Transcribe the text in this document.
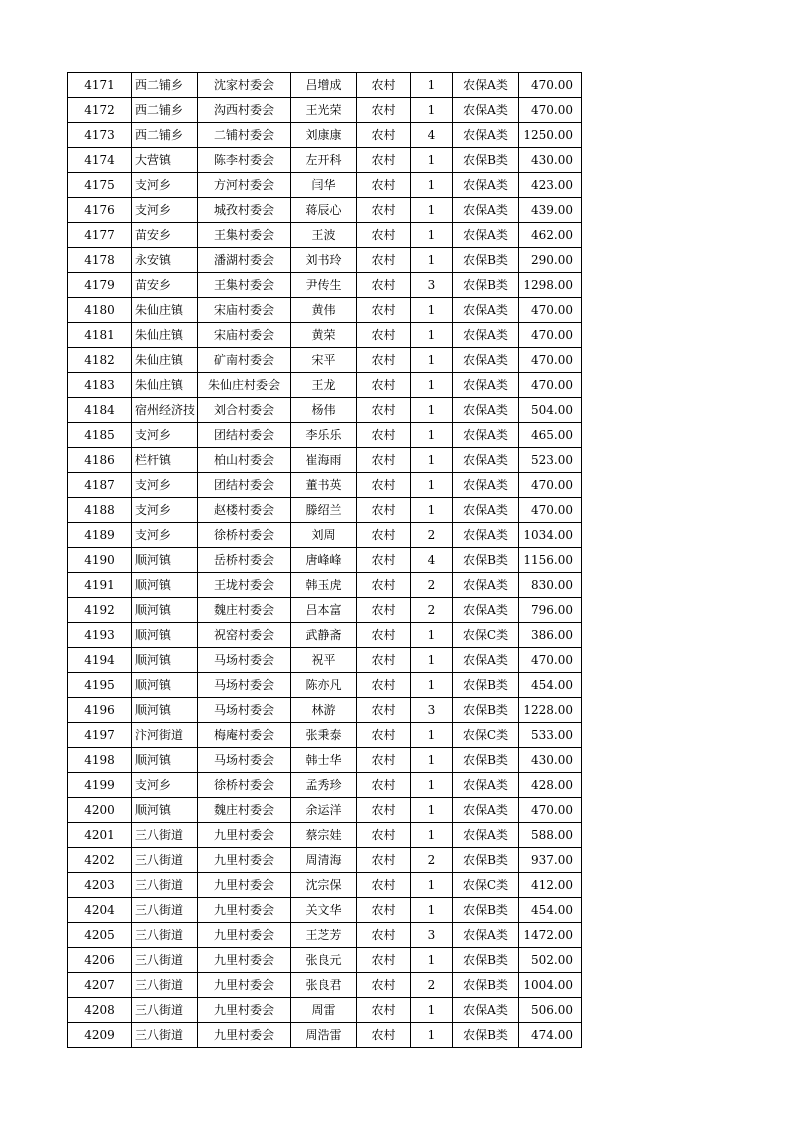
4171	西二铺乡	沈家村委会	吕增成	农村	1	农保A类	470.00
4172	西二铺乡	沟西村委会	王光荣	农村	1	农保A类	470.00
4173	西二铺乡	二铺村委会	刘康康	农村	4	农保A类	1250.00
4174	大营镇	陈李村委会	左开科	农村	1	农保B类	430.00
4175	支河乡	方河村委会	闫华	农村	1	农保A类	423.00
4176	支河乡	城孜村委会	蒋辰心	农村	1	农保A类	439.00
4177	苗安乡	王集村委会	王波	农村	1	农保A类	462.00
4178	永安镇	潘湖村委会	刘书玲	农村	1	农保B类	290.00
4179	苗安乡	王集村委会	尹传生	农村	3	农保B类	1298.00
4180	朱仙庄镇	宋庙村委会	黄伟	农村	1	农保A类	470.00
4181	朱仙庄镇	宋庙村委会	黄荣	农村	1	农保A类	470.00
4182	朱仙庄镇	矿南村委会	宋平	农村	1	农保A类	470.00
4183	朱仙庄镇	朱仙庄村委会	王龙	农村	1	农保A类	470.00
4184	宿州经济技	刘合村委会	杨伟	农村	1	农保A类	504.00
4185	支河乡	团结村委会	李乐乐	农村	1	农保A类	465.00
4186	栏杆镇	柏山村委会	崔海雨	农村	1	农保A类	523.00
4187	支河乡	团结村委会	董书英	农村	1	农保A类	470.00
4188	支河乡	赵楼村委会	滕绍兰	农村	1	农保A类	470.00
4189	支河乡	徐桥村委会	刘周	农村	2	农保A类	1034.00
4190	顺河镇	岳桥村委会	唐峰峰	农村	4	农保B类	1156.00
4191	顺河镇	王垅村委会	韩玉虎	农村	2	农保A类	830.00
4192	顺河镇	魏庄村委会	吕本富	农村	2	农保A类	796.00
4193	顺河镇	祝窑村委会	武静斋	农村	1	农保C类	386.00
4194	顺河镇	马场村委会	祝平	农村	1	农保A类	470.00
4195	顺河镇	马场村委会	陈亦凡	农村	1	农保B类	454.00
4196	顺河镇	马场村委会	林游	农村	3	农保B类	1228.00
4197	汴河街道	梅庵村委会	张秉泰	农村	1	农保C类	533.00
4198	顺河镇	马场村委会	韩士华	农村	1	农保B类	430.00
4199	支河乡	徐桥村委会	孟秀珍	农村	1	农保A类	428.00
4200	顺河镇	魏庄村委会	余运洋	农村	1	农保A类	470.00
4201	三八街道	九里村委会	蔡宗娃	农村	1	农保A类	588.00
4202	三八街道	九里村委会	周清海	农村	2	农保B类	937.00
4203	三八街道	九里村委会	沈宗保	农村	1	农保C类	412.00
4204	三八街道	九里村委会	关文华	农村	1	农保B类	454.00
4205	三八街道	九里村委会	王芝芳	农村	3	农保A类	1472.00
4206	三八街道	九里村委会	张良元	农村	1	农保B类	502.00
4207	三八街道	九里村委会	张良君	农村	2	农保B类	1004.00
4208	三八街道	九里村委会	周雷	农村	1	农保A类	506.00
4209	三八街道	九里村委会	周浩雷	农村	1	农保B类	474.00
